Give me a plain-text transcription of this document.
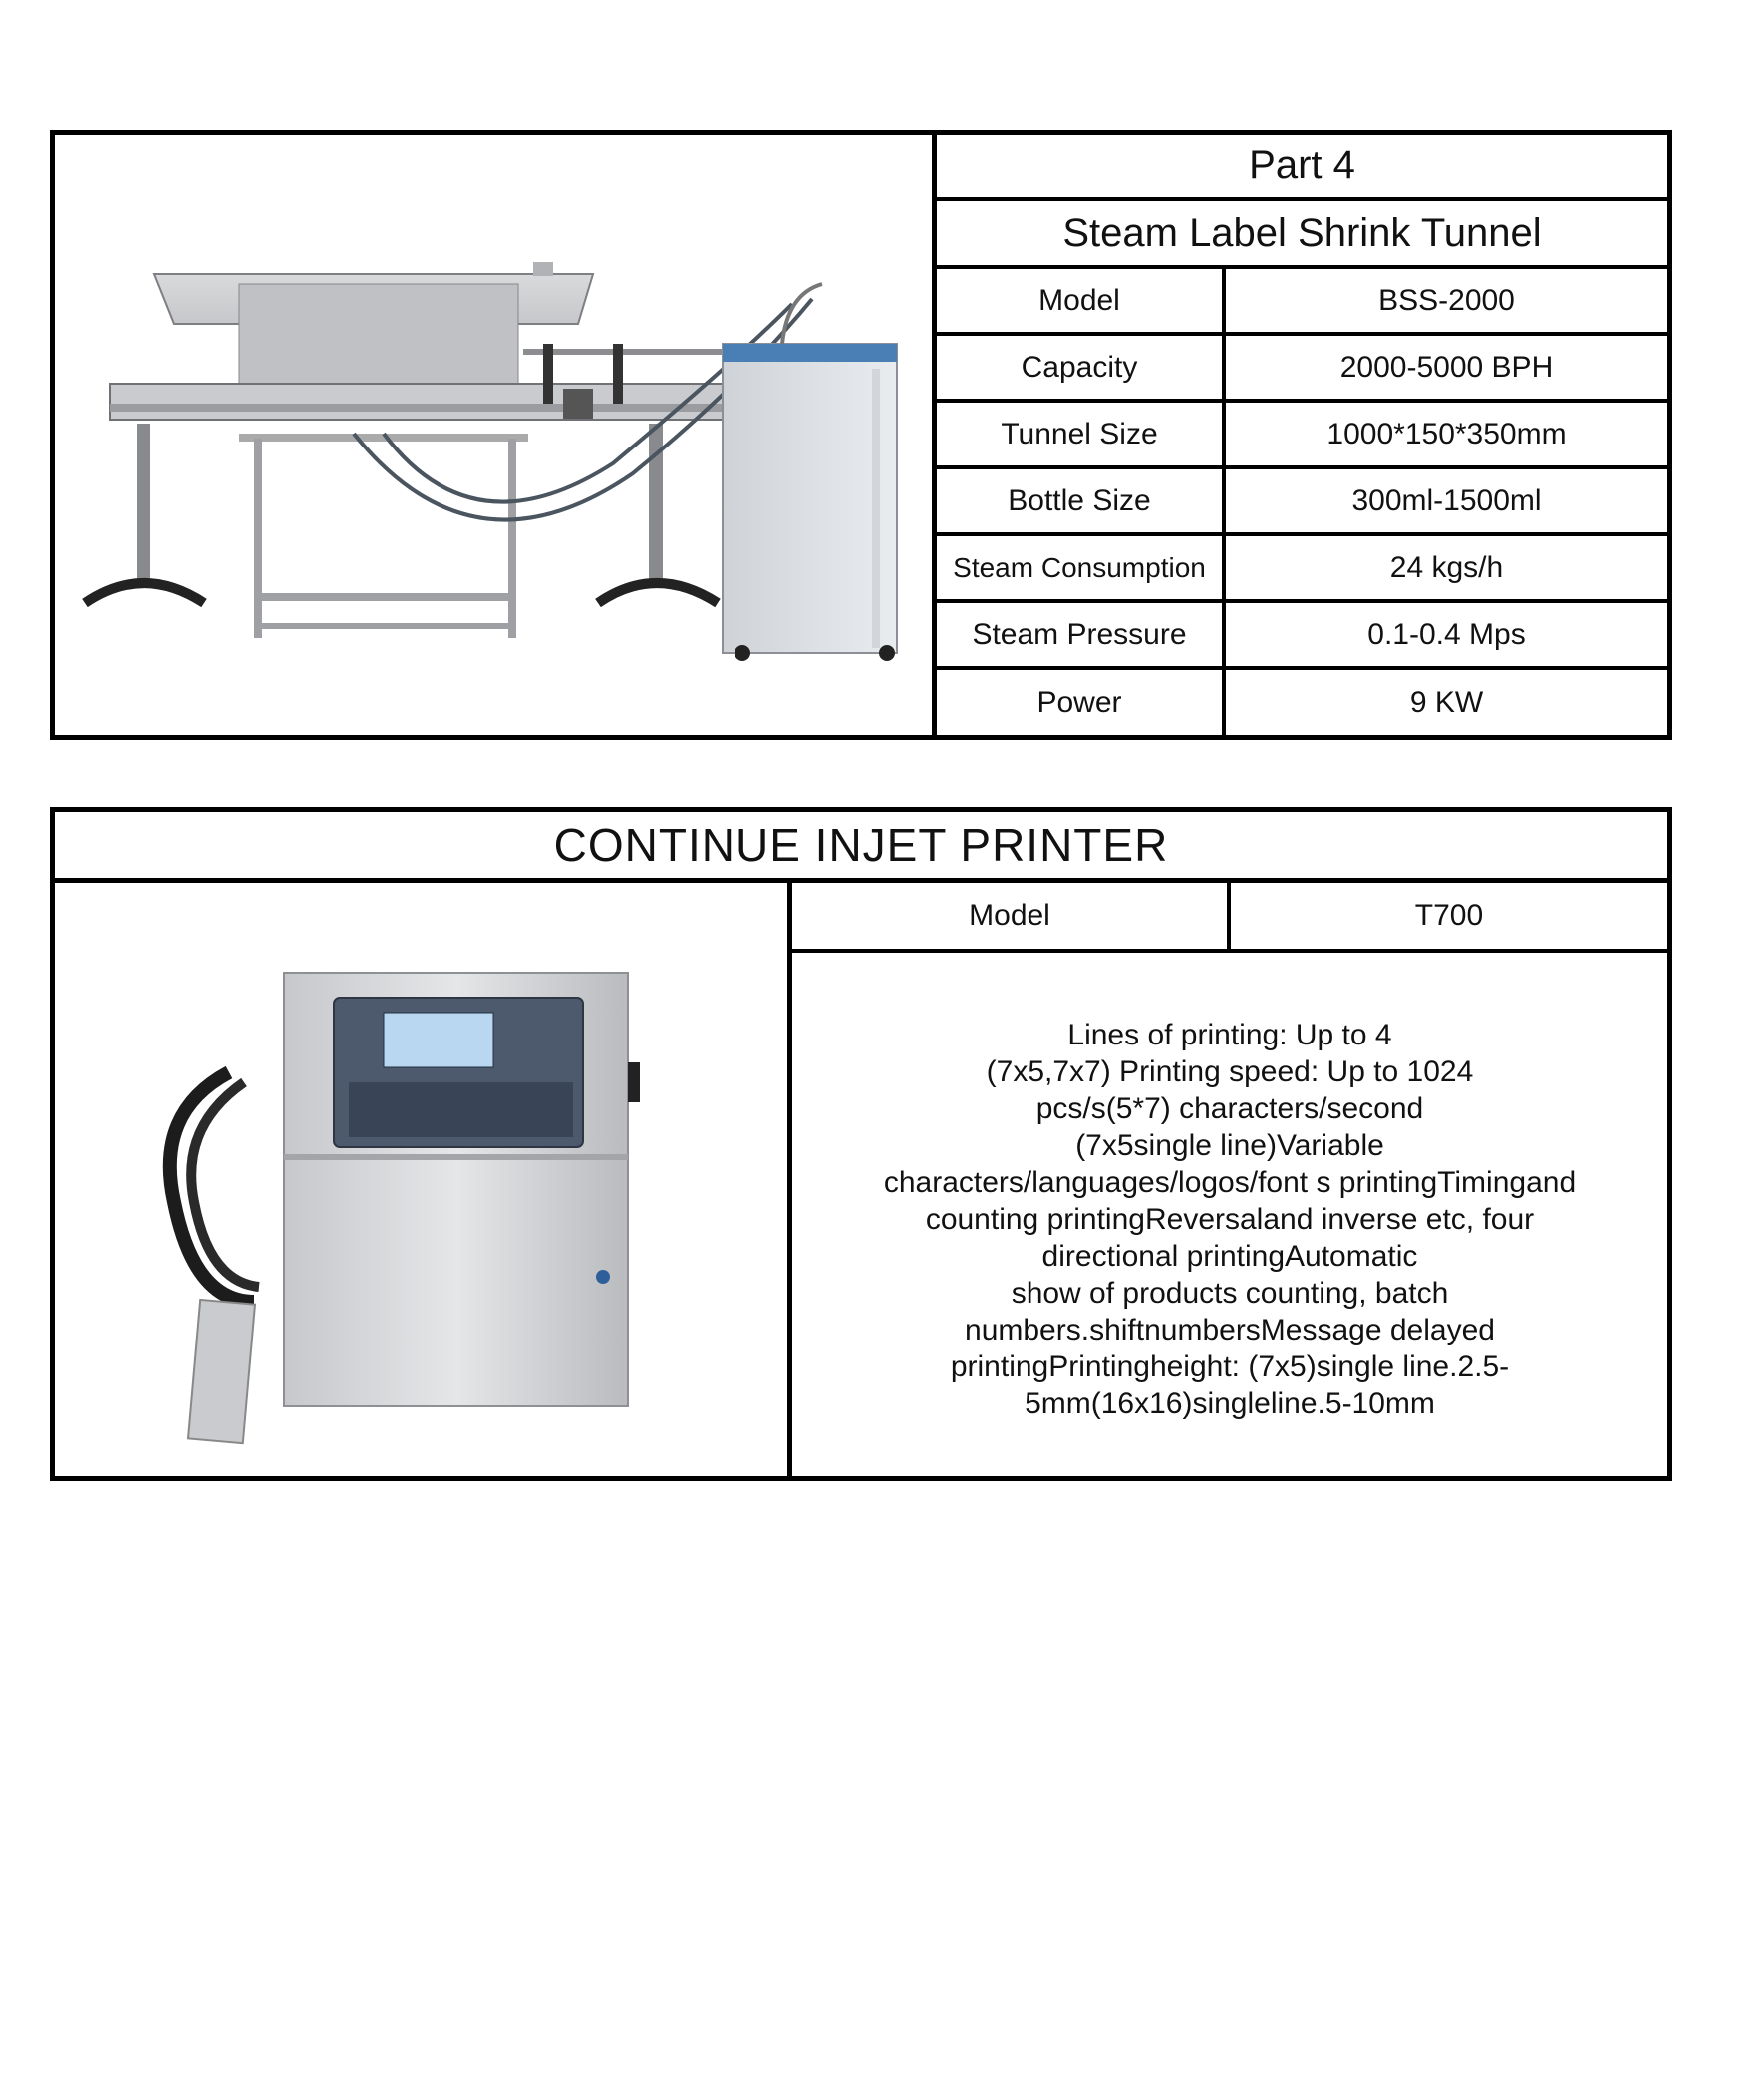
Part 4
Steam Label Shrink Tunnel
Model	BSS-2000
Capacity	2000-5000 BPH
Tunnel Size	1000*150*350mm
Bottle Size	300ml-1500ml
Steam Consumption	24 kgs/h
Steam Pressure	0.1-0.4 Mps
Power	9 KW
CONTINUE INJET PRINTER
Model	T700

Lines of printing: Up to 4
(7x5,7x7) Printing speed: Up to 1024
pcs/s(5*7) characters/second
(7x5single line)Variable
characters/languages/logos/font s printingTimingand
counting printingReversaland inverse etc, four
directional printingAutomatic
show of products counting, batch
numbers.shiftnumbersMessage delayed
printingPrintingheight: (7x5)single line.2.5-
5mm(16x16)singleline.5-10mm
